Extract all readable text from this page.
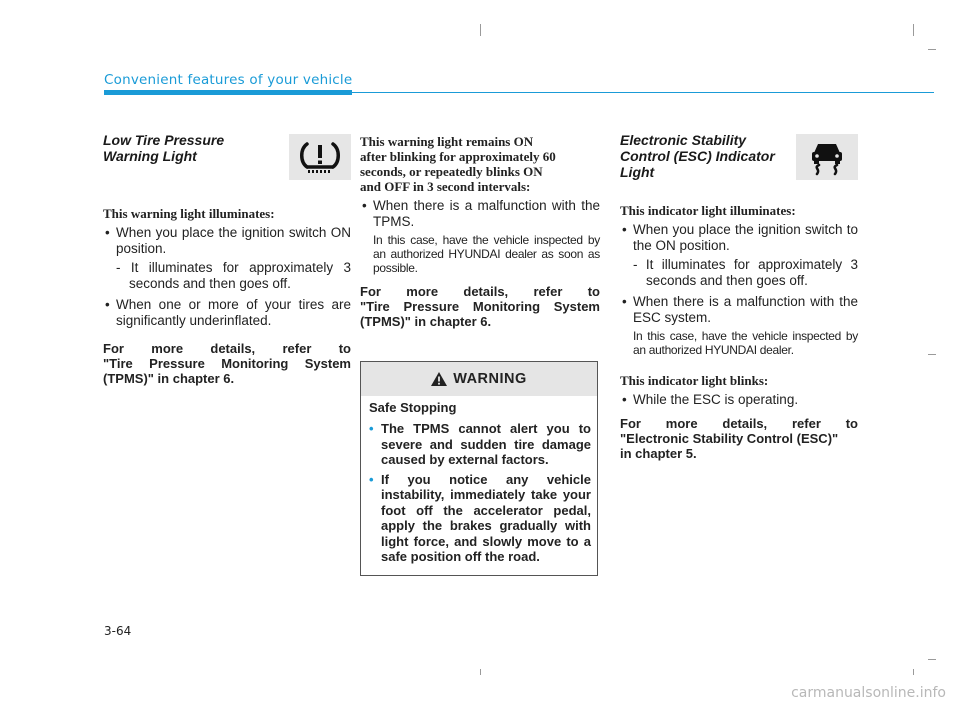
Convenient features of your vehicle
Low Tire Pressure
Warning Light
This warning light illuminates:
• When you place the ignition switch ON position.
- It illuminates for approximately 3 seconds and then goes off.
• When one or more of your tires are significantly underinflated.
For more details, refer to
"Tire Pressure Monitoring System
(TPMS)" in chapter 6.
This warning light remains ON
after blinking for approximately 60
seconds, or repeatedly blinks ON
and OFF in 3 second intervals:
• When there is a malfunction with the TPMS.
In this case, have the vehicle inspected by an authorized HYUNDAI dealer as soon as possible.
For more details, refer to
"Tire Pressure Monitoring System
(TPMS)" in chapter 6.
WARNING
Safe Stopping
• The TPMS cannot alert you to severe and sudden tire damage caused by external factors.
• If you notice any vehicle instability, immediately take your foot off the accelerator pedal, apply the brakes gradually with light force, and slowly move to a safe position off the road.
Electronic Stability
Control (ESC) Indicator
Light
This indicator light illuminates:
• When you place the ignition switch to the ON position.
- It illuminates for approximately 3 seconds and then goes off.
• When there is a malfunction with the ESC system.
In this case, have the vehicle inspected by an authorized HYUNDAI dealer.
This indicator light blinks:
• While the ESC is operating.
For more details, refer to
"Electronic Stability Control (ESC)"
in chapter 5.
3-64
carmanualsonline.info
